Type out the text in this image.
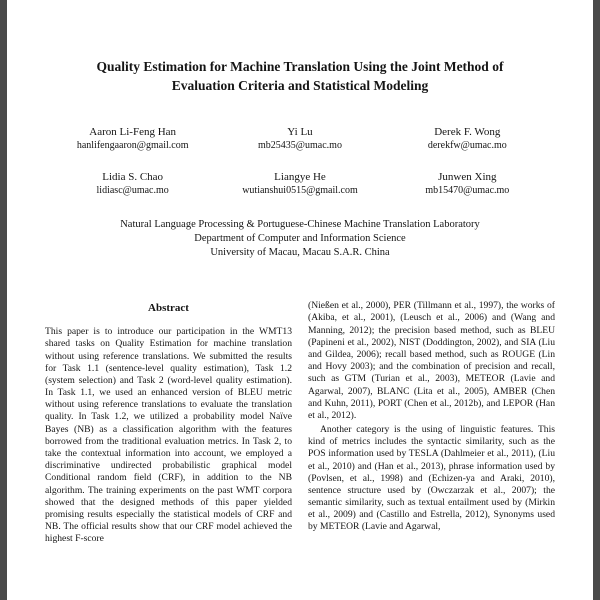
Quality Estimation for Machine Translation Using the Joint Method of Evaluation Criteria and Statistical Modeling
Aaron Li-Feng Han
hanlifengaaron@gmail.com
Yi Lu
mb25435@umac.mo
Derek F. Wong
derekfw@umac.mo
Lidia S. Chao
lidiasc@umac.mo
Liangye He
wutianshui0515@gmail.com
Junwen Xing
mb15470@umac.mo
Natural Language Processing & Portuguese-Chinese Machine Translation Laboratory
Department of Computer and Information Science
University of Macau, Macau S.A.R. China
Abstract

This paper is to introduce our participation in the WMT13 shared tasks on Quality Estimation for machine translation without using reference translations. We submitted the results for Task 1.1 (sentence-level quality estimation), Task 1.2 (system selection) and Task 2 (word-level quality estimation). In Task 1.1, we used an enhanced version of BLEU metric without using reference translations to evaluate the translation quality. In Task 1.2, we utilized a probability model Naïve Bayes (NB) as a classification algorithm with the features borrowed from the traditional evaluation metrics. In Task 2, to take the contextual information into account, we employed a discriminative undirected probabilistic graphical model Conditional random field (CRF), in addition to the NB algorithm. The training experiments on the past WMT corpora showed that the designed methods of this paper yielded promising results especially the statistical models of CRF and NB. The official results show that our CRF model achieved the highest F-score

(Nießen et al., 2000), PER (Tillmann et al., 1997), the works of (Akiba, et al., 2001), (Leusch et al., 2006) and (Wang and Manning, 2012); the precision based method, such as BLEU (Papineni et al., 2002), NIST (Doddington, 2002), and SIA (Liu and Gildea, 2006); recall based method, such as ROUGE (Lin and Hovy 2003); and the combination of precision and recall, such as GTM (Turian et al., 2003), METEOR (Lavie and Agarwal, 2007), BLANC (Lita et al., 2005), AMBER (Chen and Kuhn, 2011), PORT (Chen et al., 2012b), and LEPOR (Han et al., 2012).

Another category is the using of linguistic features. This kind of metrics includes the syntactic similarity, such as the POS information used by TESLA (Dahlmeier et al., 2011), (Liu et al., 2010) and (Han et al., 2013), phrase information used by (Povlsen, et al., 1998) and (Echizen-ya and Araki, 2010), sentence structure used by (Owczarzak et al., 2007); the semantic similarity, such as textual entailment used by (Mirkin et al., 2009) and (Castillo and Estrella, 2012), Synonyms used by METEOR (Lavie and Agarwal,
